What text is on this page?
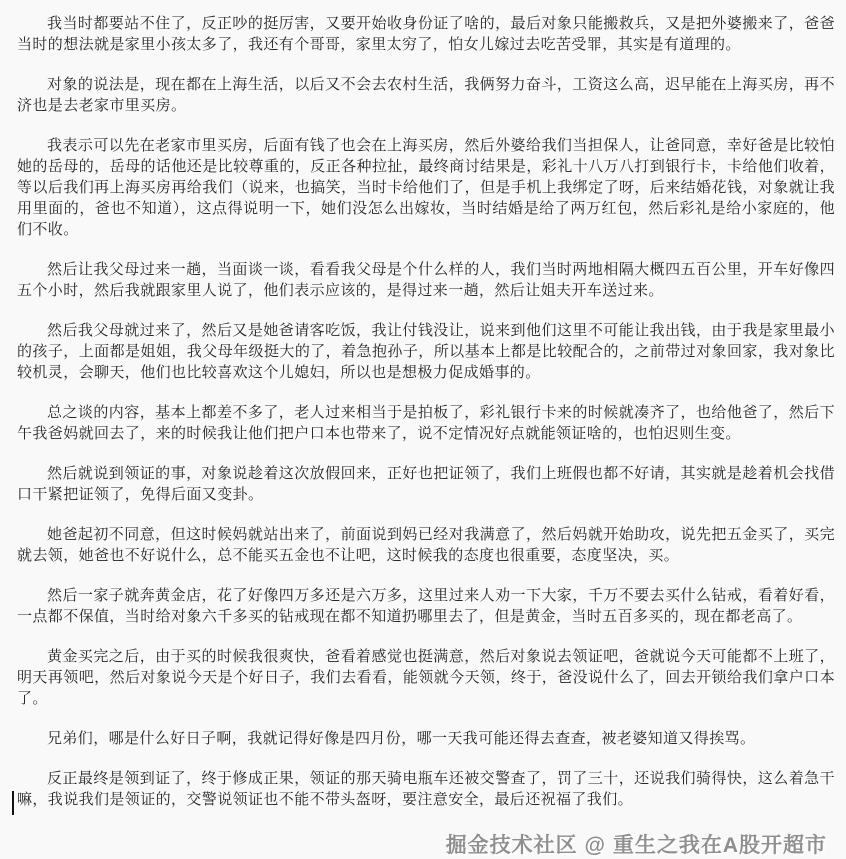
我当时都要站不住了，反正吵的挺厉害，又要开始收身份证了啥的，最后对象只能搬救兵，又是把外婆搬来了，爸爸当时的想法就是家里小孩太多了，我还有个哥哥，家里太穷了，怕女儿嫁过去吃苦受罪，其实是有道理的。

对象的说法是，现在都在上海生活，以后又不会去农村生活，我俩努力奋斗，工资这么高，迟早能在上海买房，再不济也是去老家市里买房。

我表示可以先在老家市里买房，后面有钱了也会在上海买房，然后外婆给我们当担保人，让爸同意，幸好爸是比较怕她的岳母的，岳母的话他还是比较尊重的，反正各种拉扯，最终商讨结果是，彩礼十八万八打到银行卡，卡给他们收着，等以后我们再上海买房再给我们（说来，也搞笑，当时卡给他们了，但是手机上我绑定了呀，后来结婚花钱，对象就让我用里面的，爸也不知道），这点得说明一下，她们没怎么出嫁妆，当时结婚是给了两万红包，然后彩礼是给小家庭的，他们不收。

然后让我父母过来一趟，当面谈一谈，看看我父母是个什么样的人，我们当时两地相隔大概四五百公里，开车好像四五个小时，然后我就跟家里人说了，他们表示应该的，是得过来一趟，然后让姐夫开车送过来。

然后我父母就过来了，然后又是她爸请客吃饭，我让付钱没让，说来到他们这里不可能让我出钱，由于我是家里最小的孩子，上面都是姐姐，我父母年级挺大的了，着急抱孙子，所以基本上都是比较配合的，之前带过对象回家，我对象比较机灵，会聊天，他们也比较喜欢这个儿媳妇，所以也是想极力促成婚事的。

总之谈的内容，基本上都差不多了，老人过来相当于是拍板了，彩礼银行卡来的时候就凑齐了，也给他爸了，然后下午我爸妈就回去了，来的时候我让他们把户口本也带来了，说不定情况好点就能领证啥的，也怕迟则生变。

然后就说到领证的事，对象说趁着这次放假回来，正好也把证领了，我们上班假也都不好请，其实就是趁着机会找借口干紧把证领了，免得后面又变卦。

她爸起初不同意，但这时候妈就站出来了，前面说到妈已经对我满意了，然后妈就开始助攻，说先把五金买了，买完就去领，她爸也不好说什么，总不能买五金也不让吧，这时候我的态度也很重要，态度坚决，买。

然后一家子就奔黄金店，花了好像四万多还是六万多，这里过来人劝一下大家，千万不要去买什么钻戒，看着好看，一点都不保值，当时给对象六千多买的钻戒现在都不知道扔哪里去了，但是黄金，当时五百多买的，现在都老高了。

黄金买完之后，由于买的时候我很爽快，爸看着感觉也挺满意，然后对象说去领证吧，爸就说今天可能都不上班了，明天再领吧，然后对象说今天是个好日子，我们去看看，能领就今天领，终于，爸没说什么了，回去开锁给我们拿户口本了。

兄弟们，哪是什么好日子啊，我就记得好像是四月份，哪一天我可能还得去查查，被老婆知道又得挨骂。

反正最终是领到证了，终于修成正果，领证的那天骑电瓶车还被交警查了，罚了三十，还说我们骑得快，这么着急干嘛，我说我们是领证的，交警说领证也不能不带头盔呀，要注意安全，最后还祝福了我们。

掘金技术社区 @ 重生之我在A股开超市
